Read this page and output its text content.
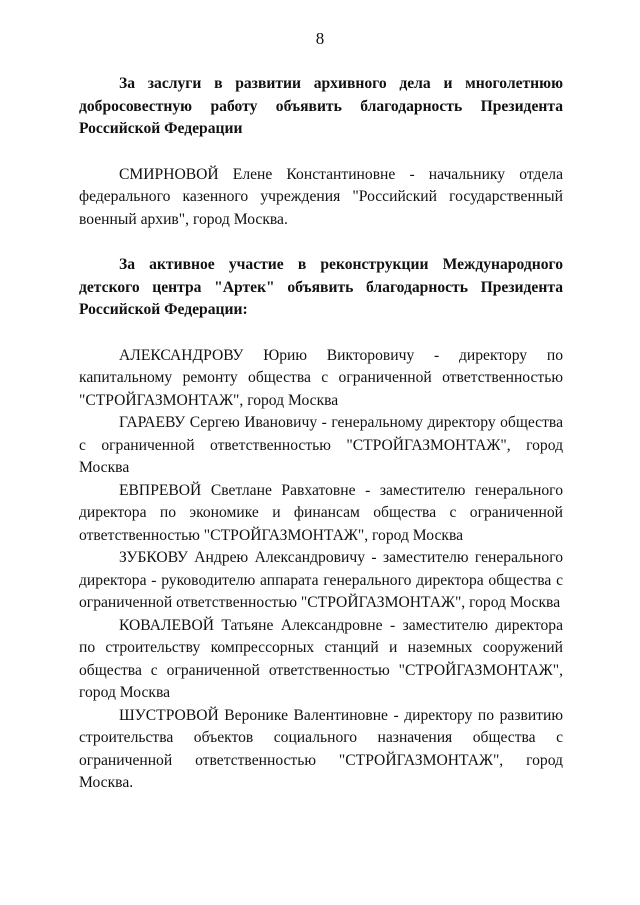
8

За заслуги в развитии архивного дела и многолетнюю добросовестную работу объявить благодарность Президента Российской Федерации

СМИРНОВОЙ Елене Константиновне - начальнику отдела федерального казенного учреждения "Российский государственный военный архив", город Москва.

За активное участие в реконструкции Международного детского центра "Артек" объявить благодарность Президента Российской Федерации:

АЛЕКСАНДРОВУ Юрию Викторовичу - директору по капитальному ремонту общества с ограниченной ответственностью "СТРОЙГАЗМОНТАЖ", город Москва

ГАРАЕВУ Сергею Ивановичу - генеральному директору общества с ограниченной ответственностью "СТРОЙГАЗМОНТАЖ", город Москва

ЕВПРЕВОЙ Светлане Равхатовне - заместителю генерального директора по экономике и финансам общества с ограниченной ответственностью "СТРОЙГАЗМОНТАЖ", город Москва

ЗУБКОВУ Андрею Александровичу - заместителю генерального директора - руководителю аппарата генерального директора общества с ограниченной ответственностью "СТРОЙГАЗМОНТАЖ", город Москва

КОВАЛЕВОЙ Татьяне Александровне - заместителю директора по строительству компрессорных станций и наземных сооружений общества с ограниченной ответственностью "СТРОЙГАЗМОНТАЖ", город Москва

ШУСТРОВОЙ Веронике Валентиновне - директору по развитию строительства объектов социального назначения общества с ограниченной ответственностью "СТРОЙГАЗМОНТАЖ", город Москва.
